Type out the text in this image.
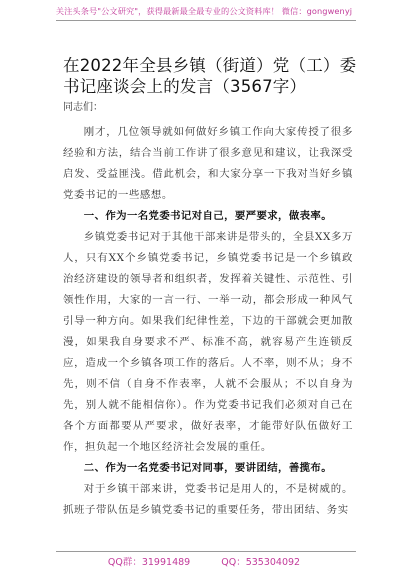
关注头条号"公文研究"，获得最新最全最专业的公文资料库！ 微信：gongwenyj
在2022年全县乡镇（街道）党（工）委书记座谈会上的发言（3567字）
同志们：

刚才，几位领导就如何做好乡镇工作向大家传授了很多经验和方法，结合当前工作讲了很多意见和建议，让我深受启发、受益匪浅。借此机会，和大家分享一下我对当好乡镇党委书记的一些感想。

一、作为一名党委书记对自己，要严要求，做表率。

乡镇党委书记对于其他干部来讲是带头的，全县XX多万人，只有XX个乡镇党委书记，乡镇党委书记是一个乡镇政治经济建设的领导者和组织者，发挥着关键性、示范性、引领性作用，大家的一言一行、一举一动，都会形成一种风气引导一种方向。如果我们纪律性差，下边的干部就会更加散漫，如果我自身要求不严、标准不高，就容易产生连锁反应，造成一个乡镇各项工作的落后。人不率，则不从；身不先，则不信（自身不作表率，人就不会服从；不以自身为先，别人就不能相信你）。作为党委书记我们必须对自己在各个方面都要从严要求，做好表率，才能带好队伍做好工作，担负起一个地区经济社会发展的重任。

二、作为一名党委书记对同事，要讲团结，善揽布。

对于乡镇干部来讲，党委书记是用人的，不是树威的。抓班子带队伍是乡镇党委书记的重要任务，带出团结、务实

QQ群：31991489	QQ：535304092
